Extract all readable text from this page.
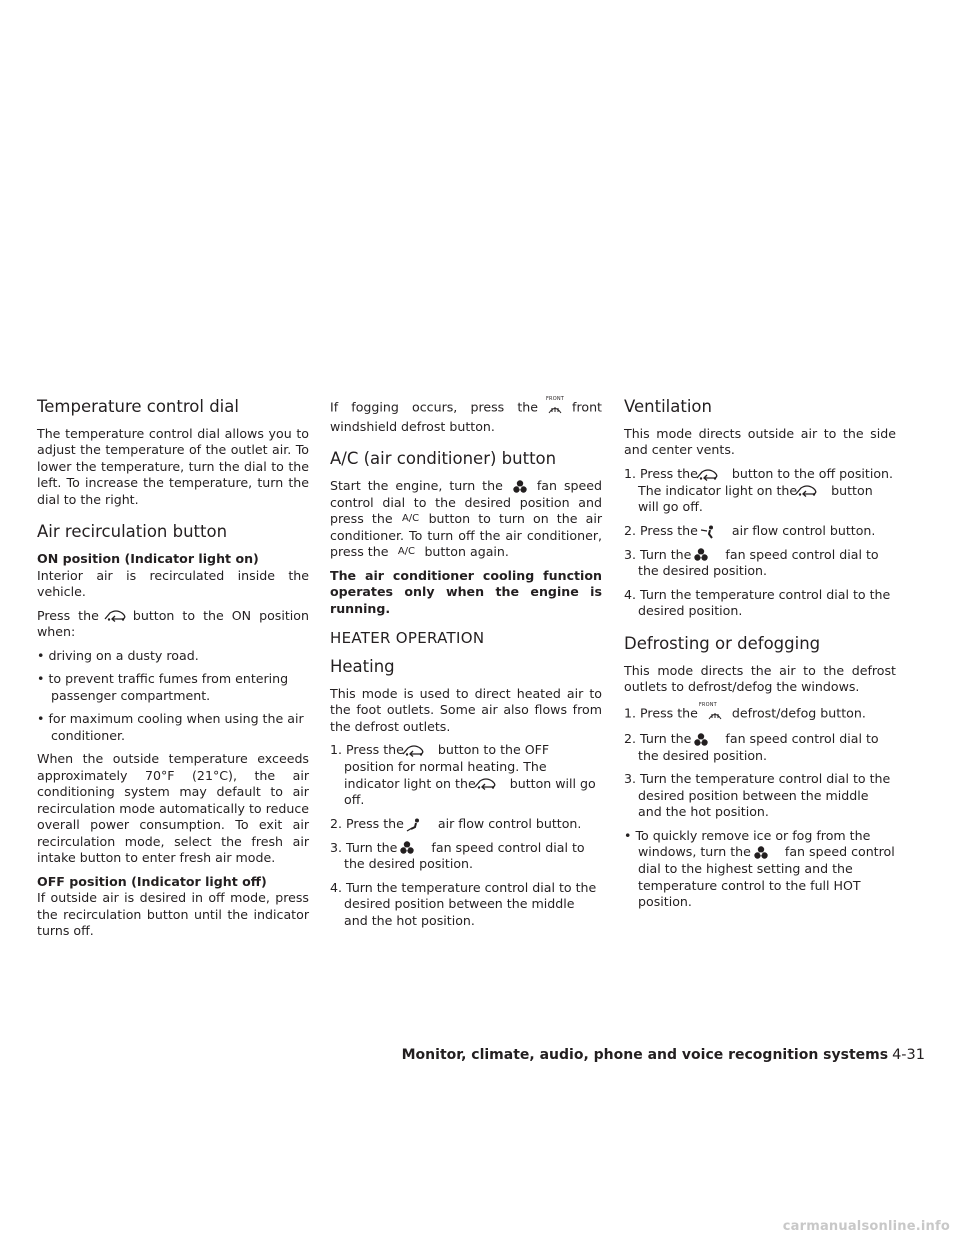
Temperature control dial

The temperature control dial allows you to adjust the temperature of the outlet air. To lower the temperature, turn the dial to the left. To increase the temperature, turn the dial to the right.

Air recirculation button
ON position (Indicator light on)

Interior air is recirculated inside the vehicle.

Press the	button to the ON position when:

• driving on a dusty road.
• to prevent traffic fumes from entering passenger compartment.
• for maximum cooling when using the air conditioner.

When the outside temperature exceeds approximately 70°F (21°C), the air conditioning system may default to air recirculation mode automatically to reduce overall power consumption. To exit air recirculation mode, select the fresh air intake button to enter fresh air mode.

OFF position (Indicator light off)

If outside air is desired in off mode, press the recirculation button until the indicator turns off.

If fogging occurs, press the
FRONT
front windshield defrost button.

A/C (air conditioner) button

Start the engine, turn the	fan speed control dial to the desired position and press the A/C button to turn on the air conditioner. To turn off the air conditioner, press the A/C button again.

The air conditioner cooling function operates only when the engine is running.

HEATER OPERATION
Heating

This mode is used to direct heated air to the foot outlets. Some air also flows from the defrost outlets.

1. Press the	button to the OFF position for normal heating. The indicator light on the	button will go off.
2. Press the	air flow control button.
3. Turn the	fan speed control dial to the desired position.
4. Turn the temperature control dial to the desired position between the middle and the hot position.
Ventilation

This mode directs outside air to the side and center vents.

1. Press the	button to the off position. The indicator light on the	button will go off.
2. Press the	air flow control button.
3. Turn the	fan speed control dial to the desired position.
4. Turn the temperature control dial to the desired position.
Defrosting or defogging

This mode directs the air to the defrost outlets to defrost/defog the windows.

1. Press the
FRONT
defrost/defog button.
2. Turn the	fan speed control dial to the desired position.
3. Turn the temperature control dial to the desired position between the middle and the hot position.
• To quickly remove ice or fog from the windows, turn the	fan speed control dial to the highest setting and the temperature control to the full HOT position.
Monitor, climate, audio, phone and voice recognition systems 4-31
carmanualsonline.info
